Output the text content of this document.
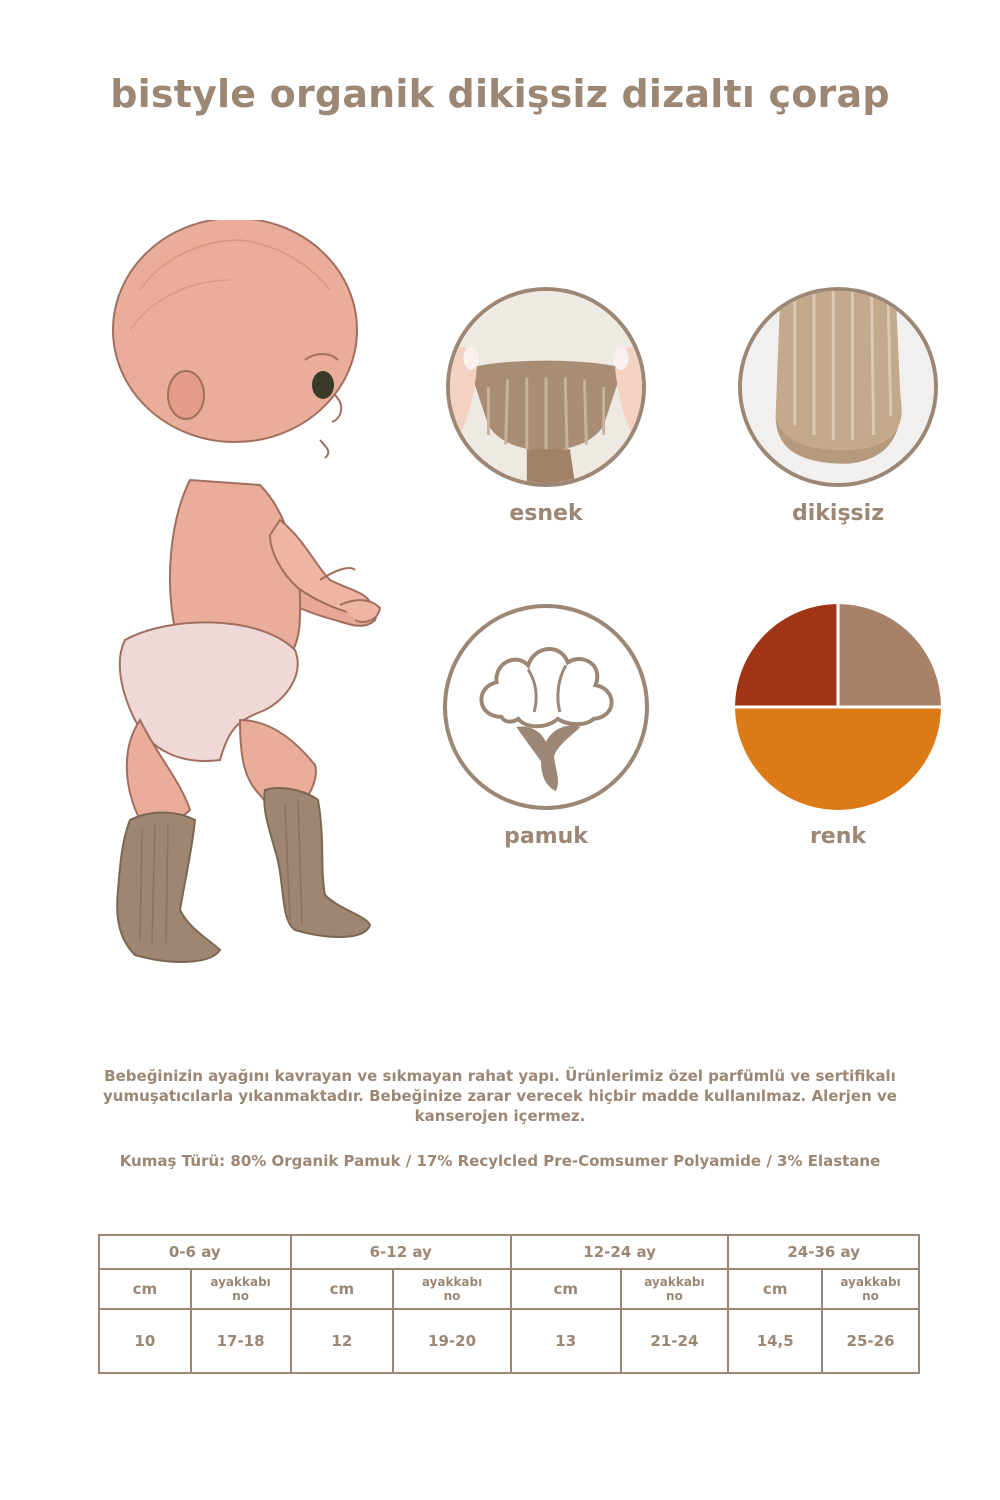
bistyle organik dikişsiz dizaltı çorap
esnek	dikişsiz
pamuk	renk
Bebeğinizin ayağını kavrayan ve sıkmayan rahat yapı. Ürünlerimiz özel parfümlü ve sertifikalı yumuşatıcılarla yıkanmaktadır. Bebeğinize zarar verecek hiçbir madde kullanılmaz. Alerjen ve kanserojen içermez.
Kumaş Türü: 80% Organik Pamuk / 17% Recylcled Pre-Comsumer Polyamide / 3% Elastane
0-6 ay		6-12 ay		12-24 ay		24-36 ay	
cm	ayakkabı no	cm	ayakkabı no	cm	ayakkabı no	cm	ayakkabı no

10	17-18	12	19-20	13	21-24	14,5	25-26
